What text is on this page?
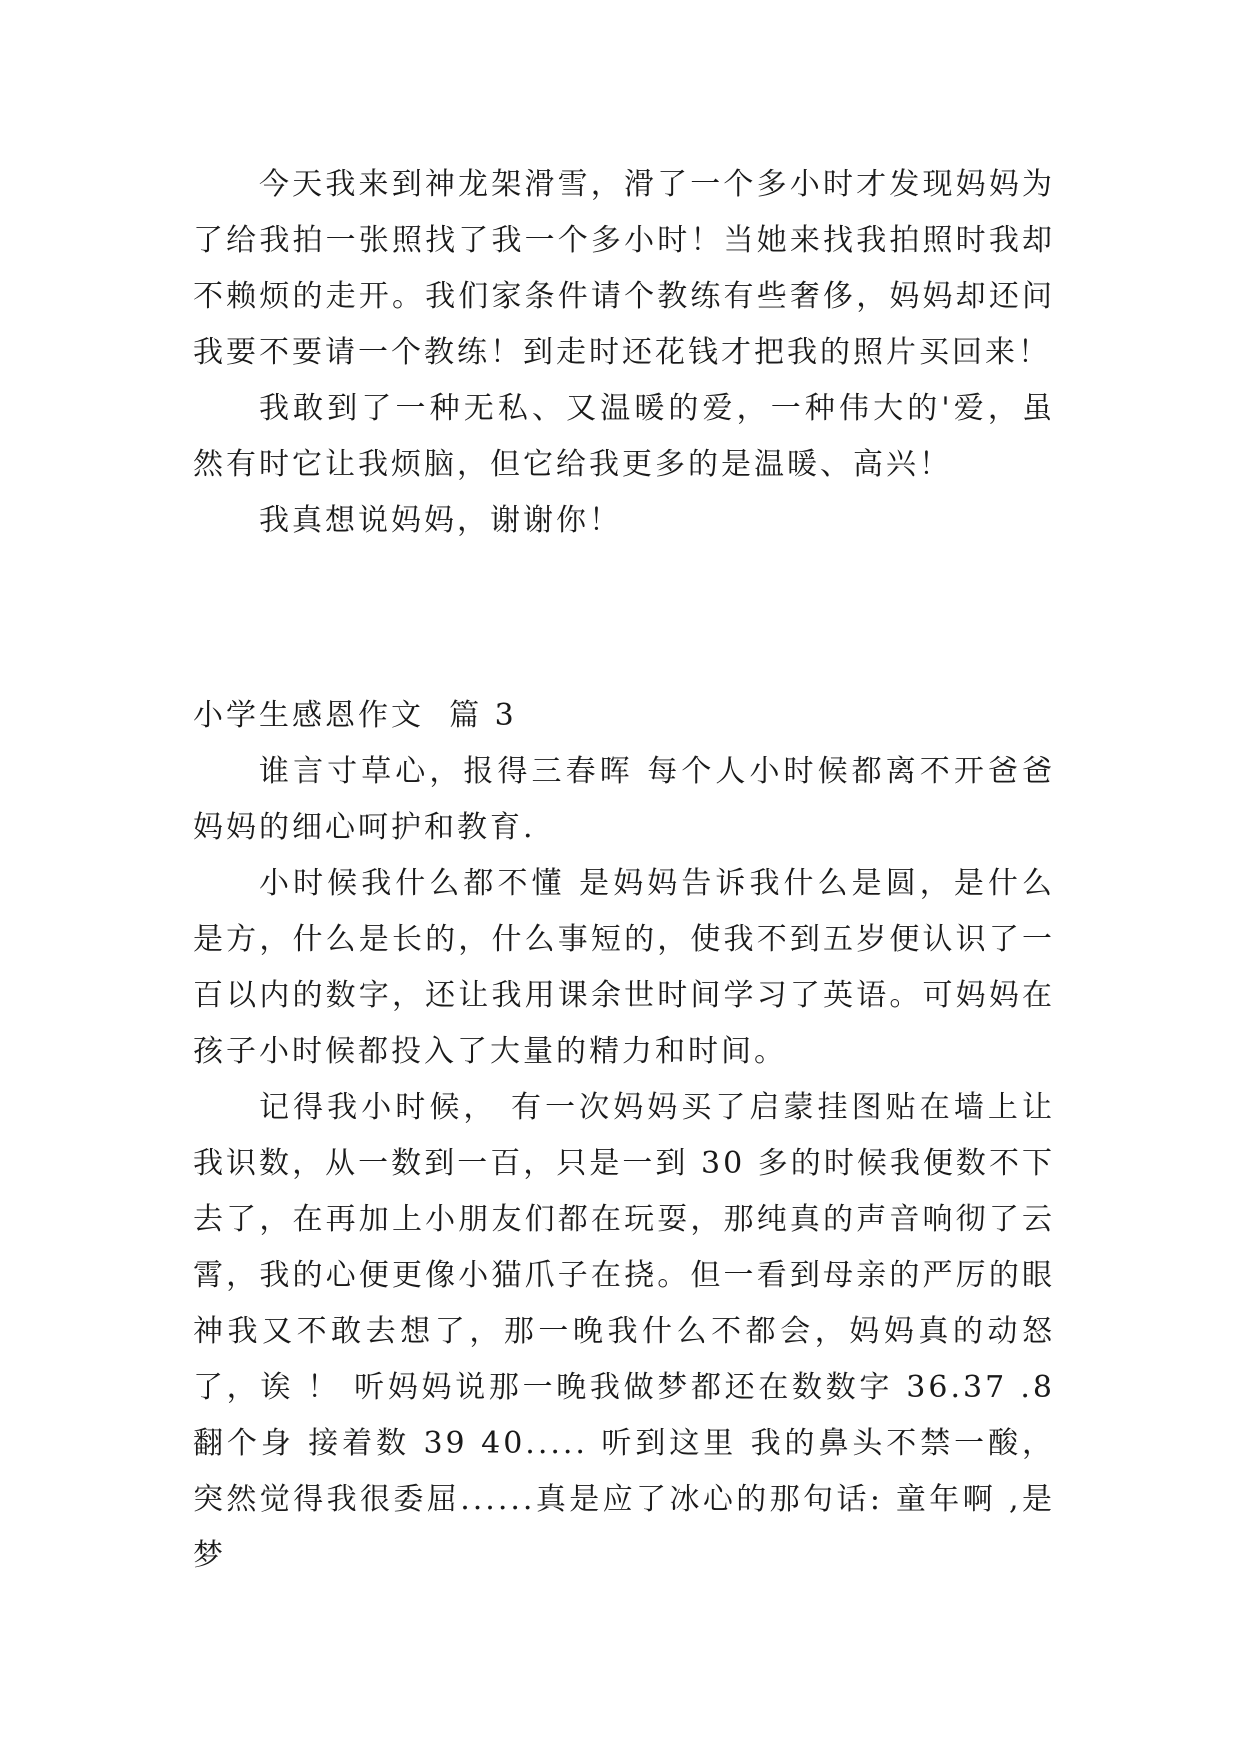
今天我来到神龙架滑雪，滑了一个多小时才发现妈妈为了给我拍一张照找了我一个多小时！当她来找我拍照时我却不赖烦的走开。我们家条件请个教练有些奢侈，妈妈却还问我要不要请一个教练！到走时还花钱才把我的照片买回来！

我敢到了一种无私、又温暖的爱，一种伟大的'爱，虽然有时它让我烦脑，但它给我更多的是温暖、高兴！

我真想说妈妈，谢谢你！

小学生感恩作文  篇 3

谁言寸草心，报得三春晖 每个人小时候都离不开爸爸妈妈的细心呵护和教育.

小时候我什么都不懂 是妈妈告诉我什么是圆，是什么是方，什么是长的，什么事短的，使我不到五岁便认识了一百以内的数字，还让我用课余世时间学习了英语。可妈妈在孩子小时候都投入了大量的精力和时间。

记得我小时候， 有一次妈妈买了启蒙挂图贴在墙上让我识数，从一数到一百，只是一到 30 多的时候我便数不下去了，在再加上小朋友们都在玩耍，那纯真的声音响彻了云霄，我的心便更像小猫爪子在挠。但一看到母亲的严厉的眼神我又不敢去想了，那一晚我什么不都会，妈妈真的动怒了，诶 ！ 听妈妈说那一晚我做梦都还在数数字 36.37 .8 翻个身 接着数 39 40..... 听到这里 我的鼻头不禁一酸，突然觉得我很委屈......真是应了冰心的那句话: 童年啊 ,是梦
